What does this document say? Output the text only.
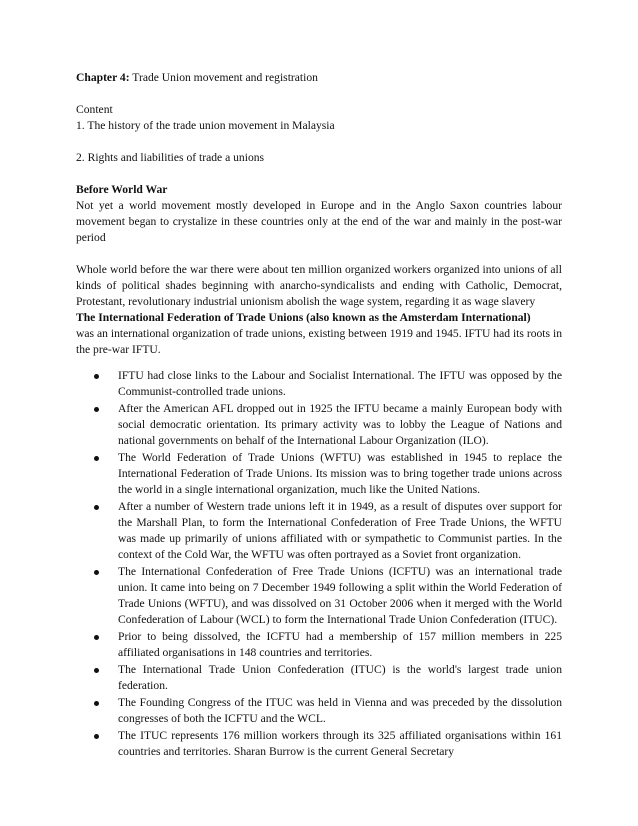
Chapter 4: Trade Union movement and registration

Content

1. The history of the trade union movement in Malaysia

2. Rights and liabilities of trade a unions

Before World War

Not yet a world movement mostly developed in Europe and in the Anglo Saxon countries labour movement began to crystalize in these countries only at the end of the war and mainly in the post-war period

Whole world before the war there were about ten million organized workers organized into unions of all kinds of political shades beginning with anarcho-syndicalists and ending with Catholic, Democrat, Protestant, revolutionary industrial unionism abolish the wage system, regarding it as wage slavery

The International Federation of Trade Unions (also known as the Amsterdam International)

was an international organization of trade unions, existing between 1919 and 1945. IFTU had its roots in the pre-war IFTU.

IFTU had close links to the Labour and Socialist International. The IFTU was opposed by the Communist-controlled trade unions.
After the American AFL dropped out in 1925 the IFTU became a mainly European body with social democratic orientation. Its primary activity was to lobby the League of Nations and national governments on behalf of the International Labour Organization (ILO).
The World Federation of Trade Unions (WFTU) was established in 1945 to replace the International Federation of Trade Unions. Its mission was to bring together trade unions across the world in a single international organization, much like the United Nations.
After a number of Western trade unions left it in 1949, as a result of disputes over support for the Marshall Plan, to form the International Confederation of Free Trade Unions, the WFTU was made up primarily of unions affiliated with or sympathetic to Communist parties. In the context of the Cold War, the WFTU was often portrayed as a Soviet front organization.
The International Confederation of Free Trade Unions (ICFTU) was an international trade union. It came into being on 7 December 1949 following a split within the World Federation of Trade Unions (WFTU), and was dissolved on 31 October 2006 when it merged with the World Confederation of Labour (WCL) to form the International Trade Union Confederation (ITUC).
Prior to being dissolved, the ICFTU had a membership of 157 million members in 225 affiliated organisations in 148 countries and territories.
The International Trade Union Confederation (ITUC) is the world's largest trade union federation.
The Founding Congress of the ITUC was held in Vienna and was preceded by the dissolution congresses of both the ICFTU and the WCL.
The ITUC represents 176 million workers through its 325 affiliated organisations within 161 countries and territories. Sharan Burrow is the current General Secretary
